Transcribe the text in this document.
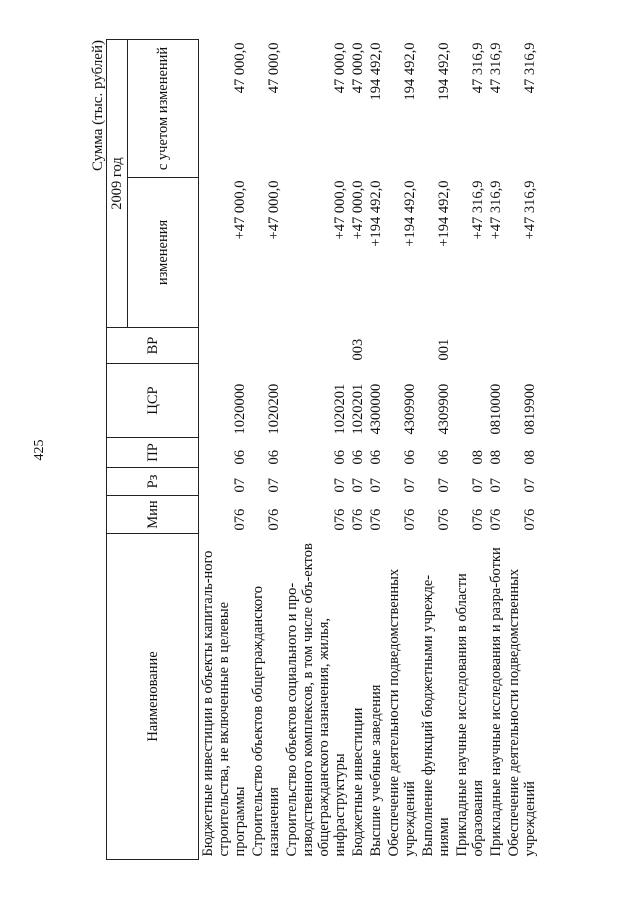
425
Сумма (тыс. рублей)
Наименование	Мин	Рз	ПР	ЦСР	ВР	2009 год	
						изменения	с учетом изменений
Бюджетные инвестиции в объекты капиталь-ного строительства, не включенные в целевые программы	076	07	06	1020000		+47 000,0	47 000,0
Строительство объектов общегражданского назначения	076	07	06	1020200		+47 000,0	47 000,0
Строительство объектов социального и про-изводственного комплексов, в том числе объ-ектов общегражданского назначения, жилья, инфраструктуры	076	07	06	1020201		+47 000,0	47 000,0
Бюджетные инвестиции	076	07	06	1020201	003	+47 000,0	47 000,0
Высшие учебные заведения	076	07	06	4300000		+194 492,0	194 492,0
Обеспечение деятельности подведомственных учреждений	076	07	06	4309900		+194 492,0	194 492,0
Выполнение функций бюджетными учрежде-ниями	076	07	06	4309900	001	+194 492,0	194 492,0
Прикладные научные исследования в области образования	076	07	08			+47 316,9	47 316,9
Прикладные научные исследования и разра-ботки	076	07	08	0810000		+47 316,9	47 316,9
Обеспечение деятельности подведомственных учреждений	076	07	08	0819900		+47 316,9	47 316,9
